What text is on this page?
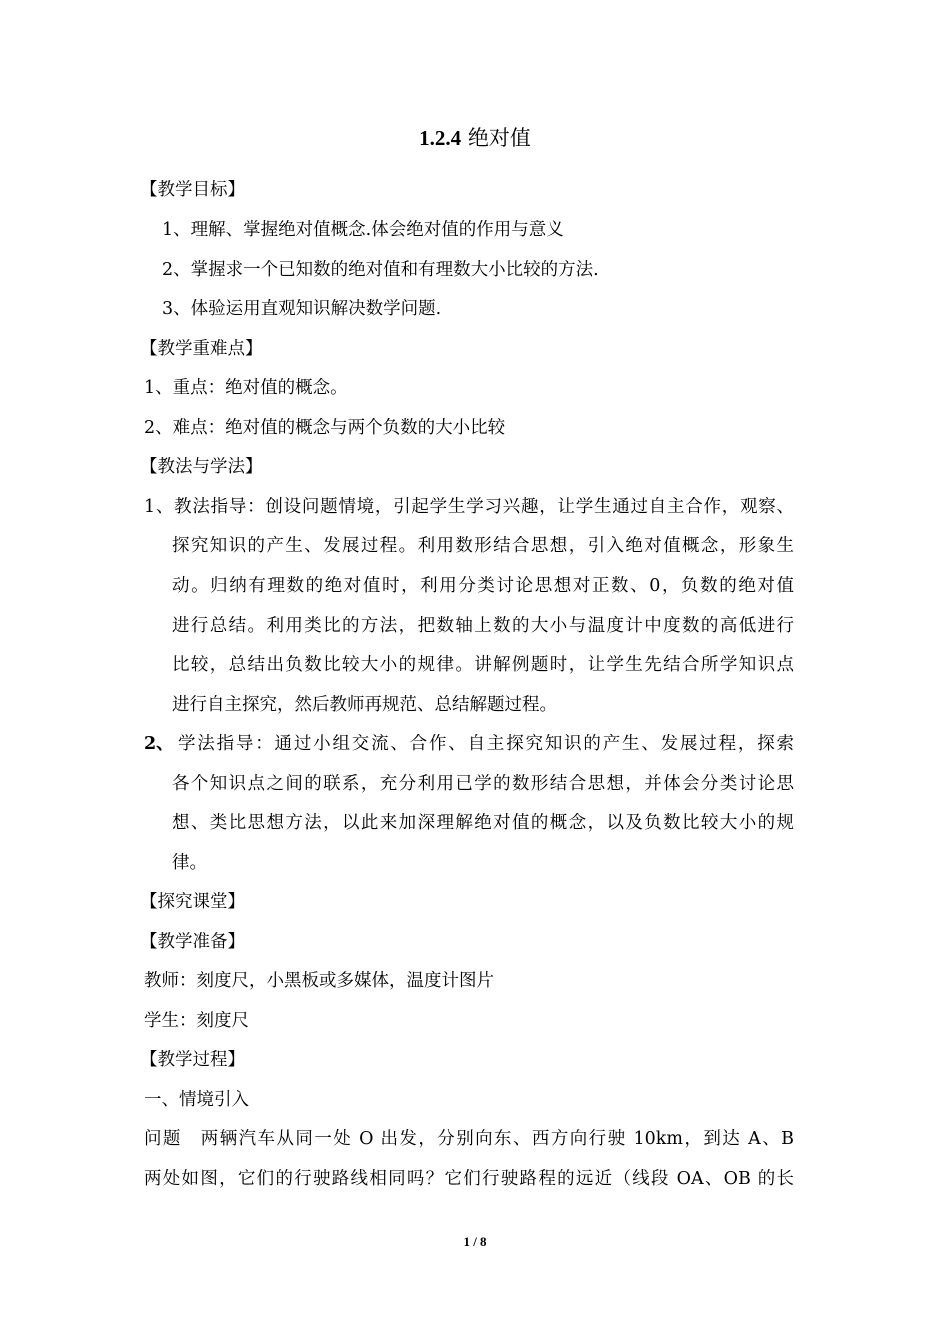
1.2.4 绝对值
【教学目标】
1、理解、掌握绝对值概念.体会绝对值的作用与意义
2、掌握求一个已知数的绝对值和有理数大小比较的方法.
3、体验运用直观知识解决数学问题.
【教学重难点】
1、重点：绝对值的概念。
2、难点：绝对值的概念与两个负数的大小比较
【教法与学法】
1、教法指导：创设问题情境，引起学生学习兴趣，让学生通过自主合作，观察、
探究知识的产生、发展过程。利用数形结合思想，引入绝对值概念，形象生
动。归纳有理数的绝对值时，利用分类讨论思想对正数、0，负数的绝对值
进行总结。利用类比的方法，把数轴上数的大小与温度计中度数的高低进行
比较，总结出负数比较大小的规律。讲解例题时，让学生先结合所学知识点
进行自主探究，然后教师再规范、总结解题过程。
2、 学法指导：通过小组交流、合作、自主探究知识的产生、发展过程，探索
各个知识点之间的联系，充分利用已学的数形结合思想，并体会分类讨论思
想、类比思想方法，以此来加深理解绝对值的概念，以及负数比较大小的规
律。
【探究课堂】
【教学准备】
教师：刻度尺，小黑板或多媒体，温度计图片
学生：刻度尺
【教学过程】
一、情境引入
问题　两辆汽车从同一处 O 出发，分别向东、西方向行驶 10km，到达 A、B
两处如图，它们的行驶路线相同吗？它们行驶路程的远近（线段 OA、OB 的长
1 / 8
